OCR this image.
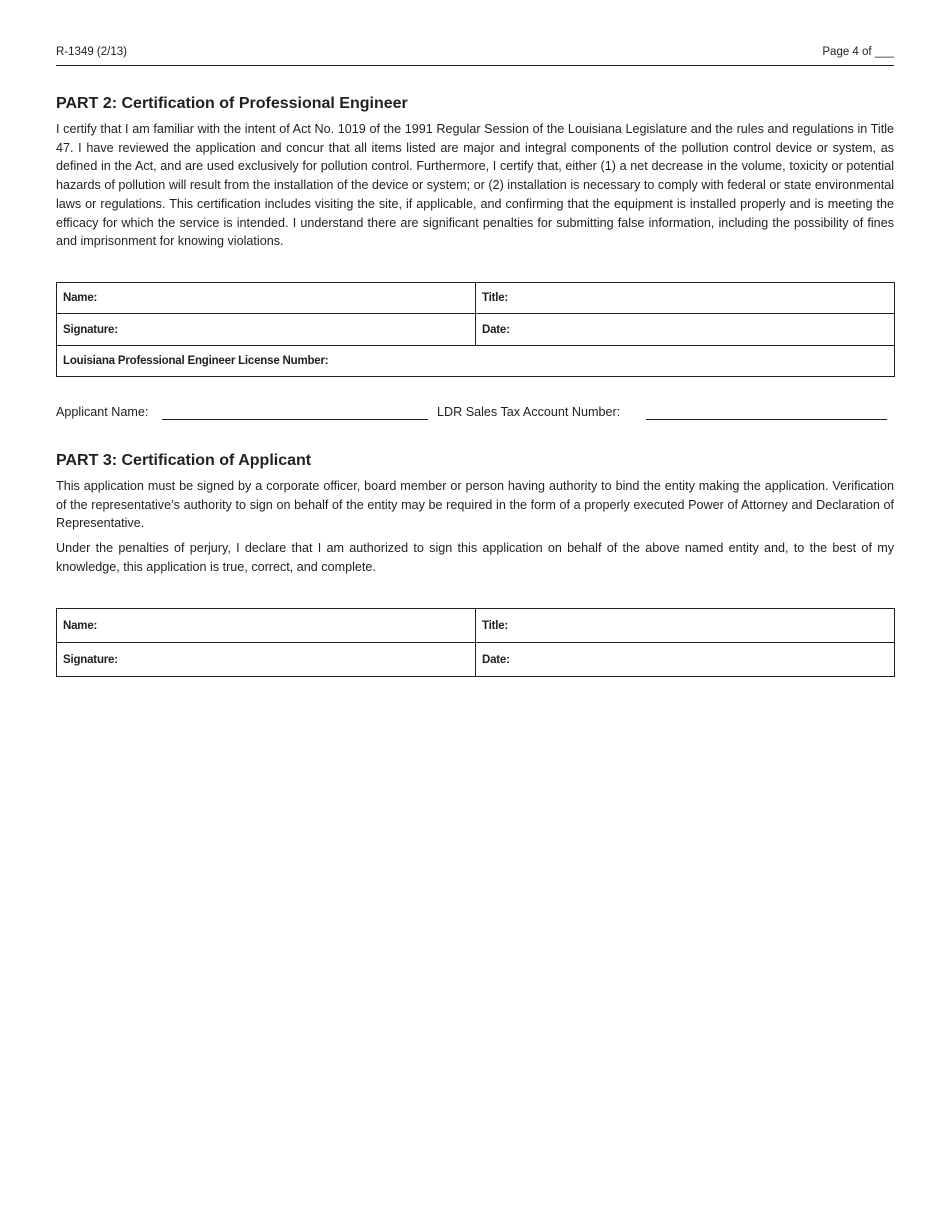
R-1349 (2/13)	Page 4 of ___
PART 2: Certification of Professional Engineer

I certify that I am familiar with the intent of Act No. 1019 of the 1991 Regular Session of the Louisiana Legislature and the rules and regulations in Title 47. I have reviewed the application and concur that all items listed are major and integral components of the pollution control device or system, as defined in the Act, and are used exclusively for pollution control. Furthermore, I certify that, either (1) a net decrease in the volume, toxicity or potential hazards of pollution will result from the installation of the device or system; or (2) installation is necessary to comply with federal or state environmental laws or regulations. This certification includes visiting the site, if applicable, and confirming that the equipment is installed properly and is meeting the efficacy for which the service is intended. I understand there are significant penalties for submitting false information, including the possibility of fines and imprisonment for knowing violations.

Name:	Title:
Signature:	Date:
Louisiana Professional Engineer License Number:	
Applicant Name:	LDR Sales Tax Account Number:
PART 3: Certification of Applicant

This application must be signed by a corporate officer, board member or person having authority to bind the entity making the application. Verification of the representative’s authority to sign on behalf of the entity may be required in the form of a properly executed Power of Attorney and Declaration of Representative.

Under the penalties of perjury, I declare that I am authorized to sign this application on behalf of the above named entity and, to the best of my knowledge, this application is true, correct, and complete.

Name:	Title:
Signature:	Date:
